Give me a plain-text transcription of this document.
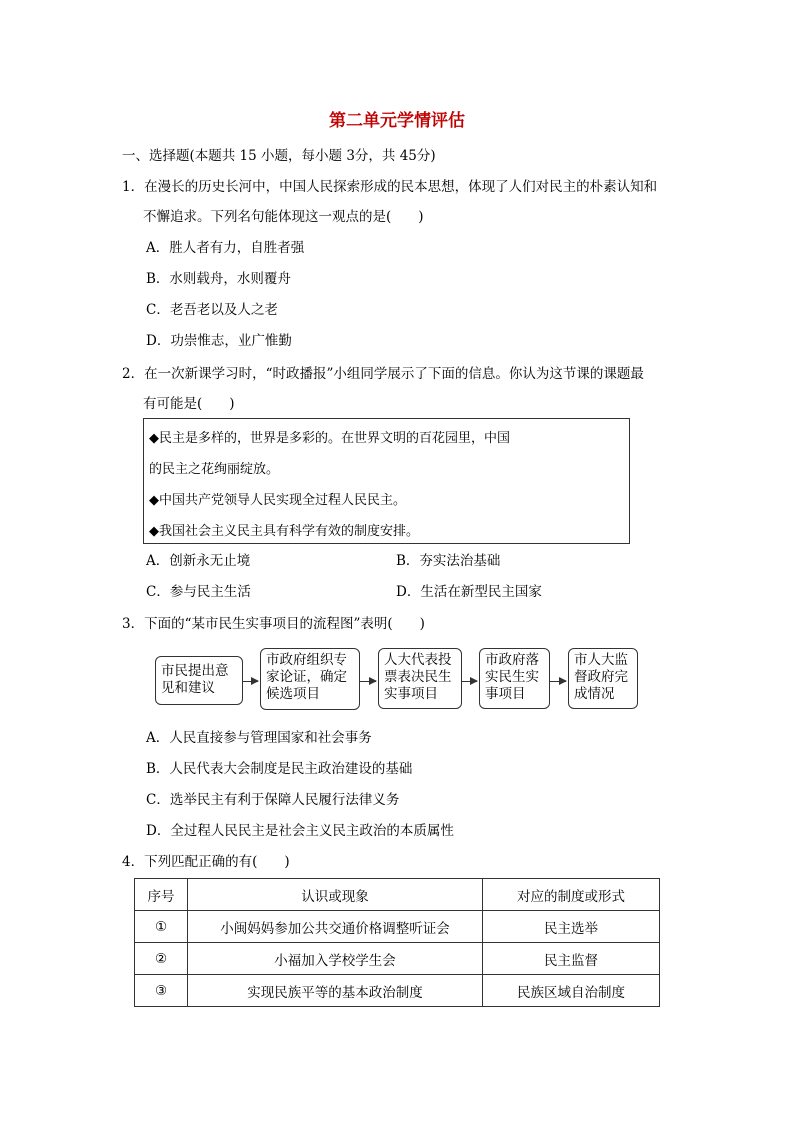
第二单元学情评估
一、选择题(本题共 15 小题，每小题 3分，共 45分)
1．在漫长的历史长河中，中国人民探索形成的民本思想，体现了人们对民主的朴素认知和
不懈追求。下列名句能体现这一观点的是(　　)
A．胜人者有力，自胜者强
B．水则载舟，水则覆舟
C．老吾老以及人之老
D．功崇惟志，业广惟勤
2．在一次新课学习时，“时政播报”小组同学展示了下面的信息。你认为这节课的课题最
有可能是(　　)
◆民主是多样的，世界是多彩的。在世界文明的百花园里，中国
的民主之花绚丽绽放。
◆中国共产党领导人民实现全过程人民民主。
◆我国社会主义民主具有科学有效的制度安排。
A．创新永无止境	B．夯实法治基础
C．参与民主生活	D．生活在新型民主国家
3．下面的“某市民生实事项目的流程图”表明(　　)
市民提出意
见和建议
市政府组织专
家论证，确定
候选项目
人大代表投
票表决民生
实事项目
市政府落
实民生实
事项目
市人大监
督政府完
成情况
A．人民直接参与管理国家和社会事务
B．人民代表大会制度是民主政治建设的基础
C．选举民主有利于保障人民履行法律义务
D．全过程人民民主是社会主义民主政治的本质属性
4．下列匹配正确的有(　　)
序号	认识或现象	对应的制度或形式
①	小闽妈妈参加公共交通价格调整听证会	民主选举
②	小福加入学校学生会	民主监督
③	实现民族平等的基本政治制度	民族区域自治制度
